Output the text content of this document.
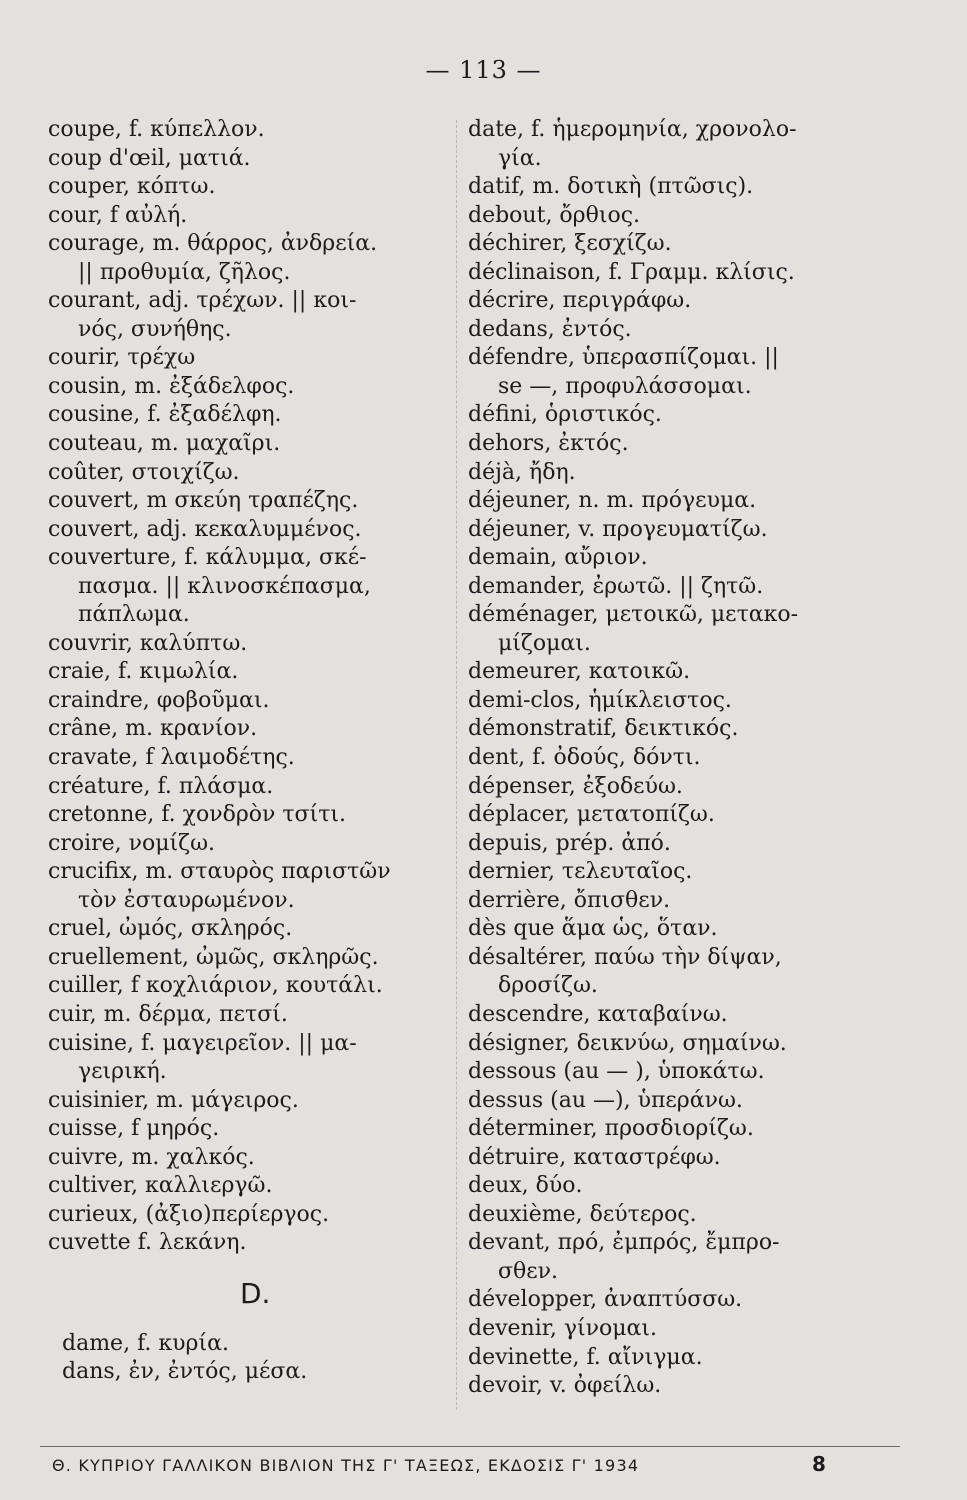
— 113 —
coupe, f. κύπελλον.
coup d'œil, ματιά.
couper, κόπτω.
cour, f αὐλή.
courage, m. θάρρος, ἀνδρεία.
|| προθυμία, ζῆλος.
courant, adj. τρέχων. || κοι-
νός, συνήθης.
courir, τρέχω
cousin, m. ἐξάδελφος.
cousine, f. ἐξαδέλφη.
couteau, m. μαχαῖρι.
coûter, στοιχίζω.
couvert, m σκεύη τραπέζης.
couvert, adj. κεκαλυμμένος.
couverture, f. κάλυμμα, σκέ-
πασμα. || κλινοσκέπασμα,
πάπλωμα.
couvrir, καλύπτω.
craie, f. κιμωλία.
craindre, φοβοῦμαι.
crâne, m. κρανίον.
cravate, f λαιμοδέτης.
créature, f. πλάσμα.
cretonne, f. χονδρὸν τσίτι.
croire, νομίζω.
crucifix, m. σταυρὸς παριστῶν
τὸν ἐσταυρωμένον.
cruel, ὠμός, σκληρός.
cruellement, ὠμῶς, σκληρῶς.
cuiller, f κοχλιάριον, κουτάλι.
cuir, m. δέρμα, πετσί.
cuisine, f. μαγειρεῖον. || μα-
γειρική.
cuisinier, m. μάγειρος.
cuisse, f μηρός.
cuivre, m. χαλκός.
cultiver, καλλιεργῶ.
curieux, (ἀξιο)περίεργος.
cuvette f. λεκάνη.
D.
dame, f. κυρία.
dans, ἐν, ἐντός, μέσα.
date, f. ἡμερομηνία, χρονολο-
γία.
datif, m. δοτικὴ (πτῶσις).
debout, ὄρθιος.
déchirer, ξεσχίζω.
déclinaison, f. Γραμμ. κλίσις.
décrire, περιγράφω.
dedans, ἐντός.
défendre, ὑπερασπίζομαι. ||
se —, προφυλάσσομαι.
défini, ὁριστικός.
dehors, ἐκτός.
déjà, ἤδη.
déjeuner, n. m. πρόγευμα.
déjeuner, v. προγευματίζω.
demain, αὔριον.
demander, ἐρωτῶ. || ζητῶ.
déménager, μετοικῶ, μετακο-
μίζομαι.
demeurer, κατοικῶ.
demi-clos, ἡμίκλειστος.
démonstratif, δεικτικός.
dent, f. ὀδούς, δόντι.
dépenser, ἐξοδεύω.
déplacer, μετατοπίζω.
depuis, prép. ἀπό.
dernier, τελευταῖος.
derrière, ὄπισθεν.
dès que ἅμα ὡς, ὅταν.
désaltérer, παύω τὴν δίψαν,
δροσίζω.
descendre, καταβαίνω.
désigner, δεικνύω, σημαίνω.
dessous (au — ), ὑποκάτω.
dessus (au —), ὑπεράνω.
déterminer, προσδιορίζω.
détruire, καταστρέφω.
deux, δύο.
deuxième, δεύτερος.
devant, πρό, ἐμπρός, ἔμπρο-
σθεν.
développer, ἀναπτύσσω.
devenir, γίνομαι.
devinette, f. αἴνιγμα.
devoir, v. ὀφείλω.
Θ. ΚΥΠΡΙΟΥ ΓΑΛΛΙΚΟΝ ΒΙΒΛΙΟΝ ΤΗΣ Γ' ΤΑΞΕΩΣ, ΕΚΔΟΣΙΣ Γ' 1934	8
